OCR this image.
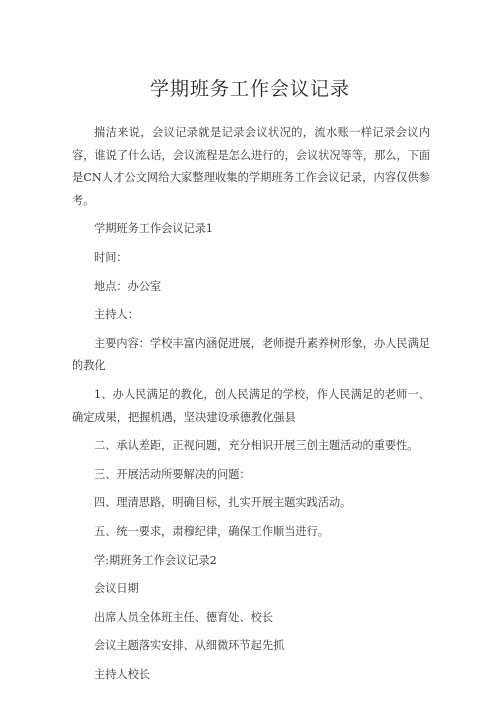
学期班务工作会议记录

揣洁来说，会议记录就是记录会议状况的，流水账一样记录会议内容，谁说了什么话，会议流程是怎么进行的，会议状况等等，那么，下面是CN人才公文网给大家整理收集的学期班务工作会议记录，内容仅供参考。

学期班务工作会议记录1

时间：

地点：办公室

主持人：

主要内容：学校丰富内涵促进展，老师提升素养树形象，办人民满足的教化

1、办人民满足的教化，创人民满足的学校，作人民满足的老师一、确定成果，把握机遇，坚决建设承德教化强县

二、承认差距，正视问题，充分相识开展三创主题活动的重要性。

三、开展活动所要解决的问题：

四、理清思路，明确目标，扎实开展主题实践活动。

五、统一要求，肃穆纪律，确保工作顺当进行。

学:期班务工作会议记录2

会议日期

出席人员全体班主任、德育处、校长

会议主题落实安排、从细微环节起先抓

主持人校长
